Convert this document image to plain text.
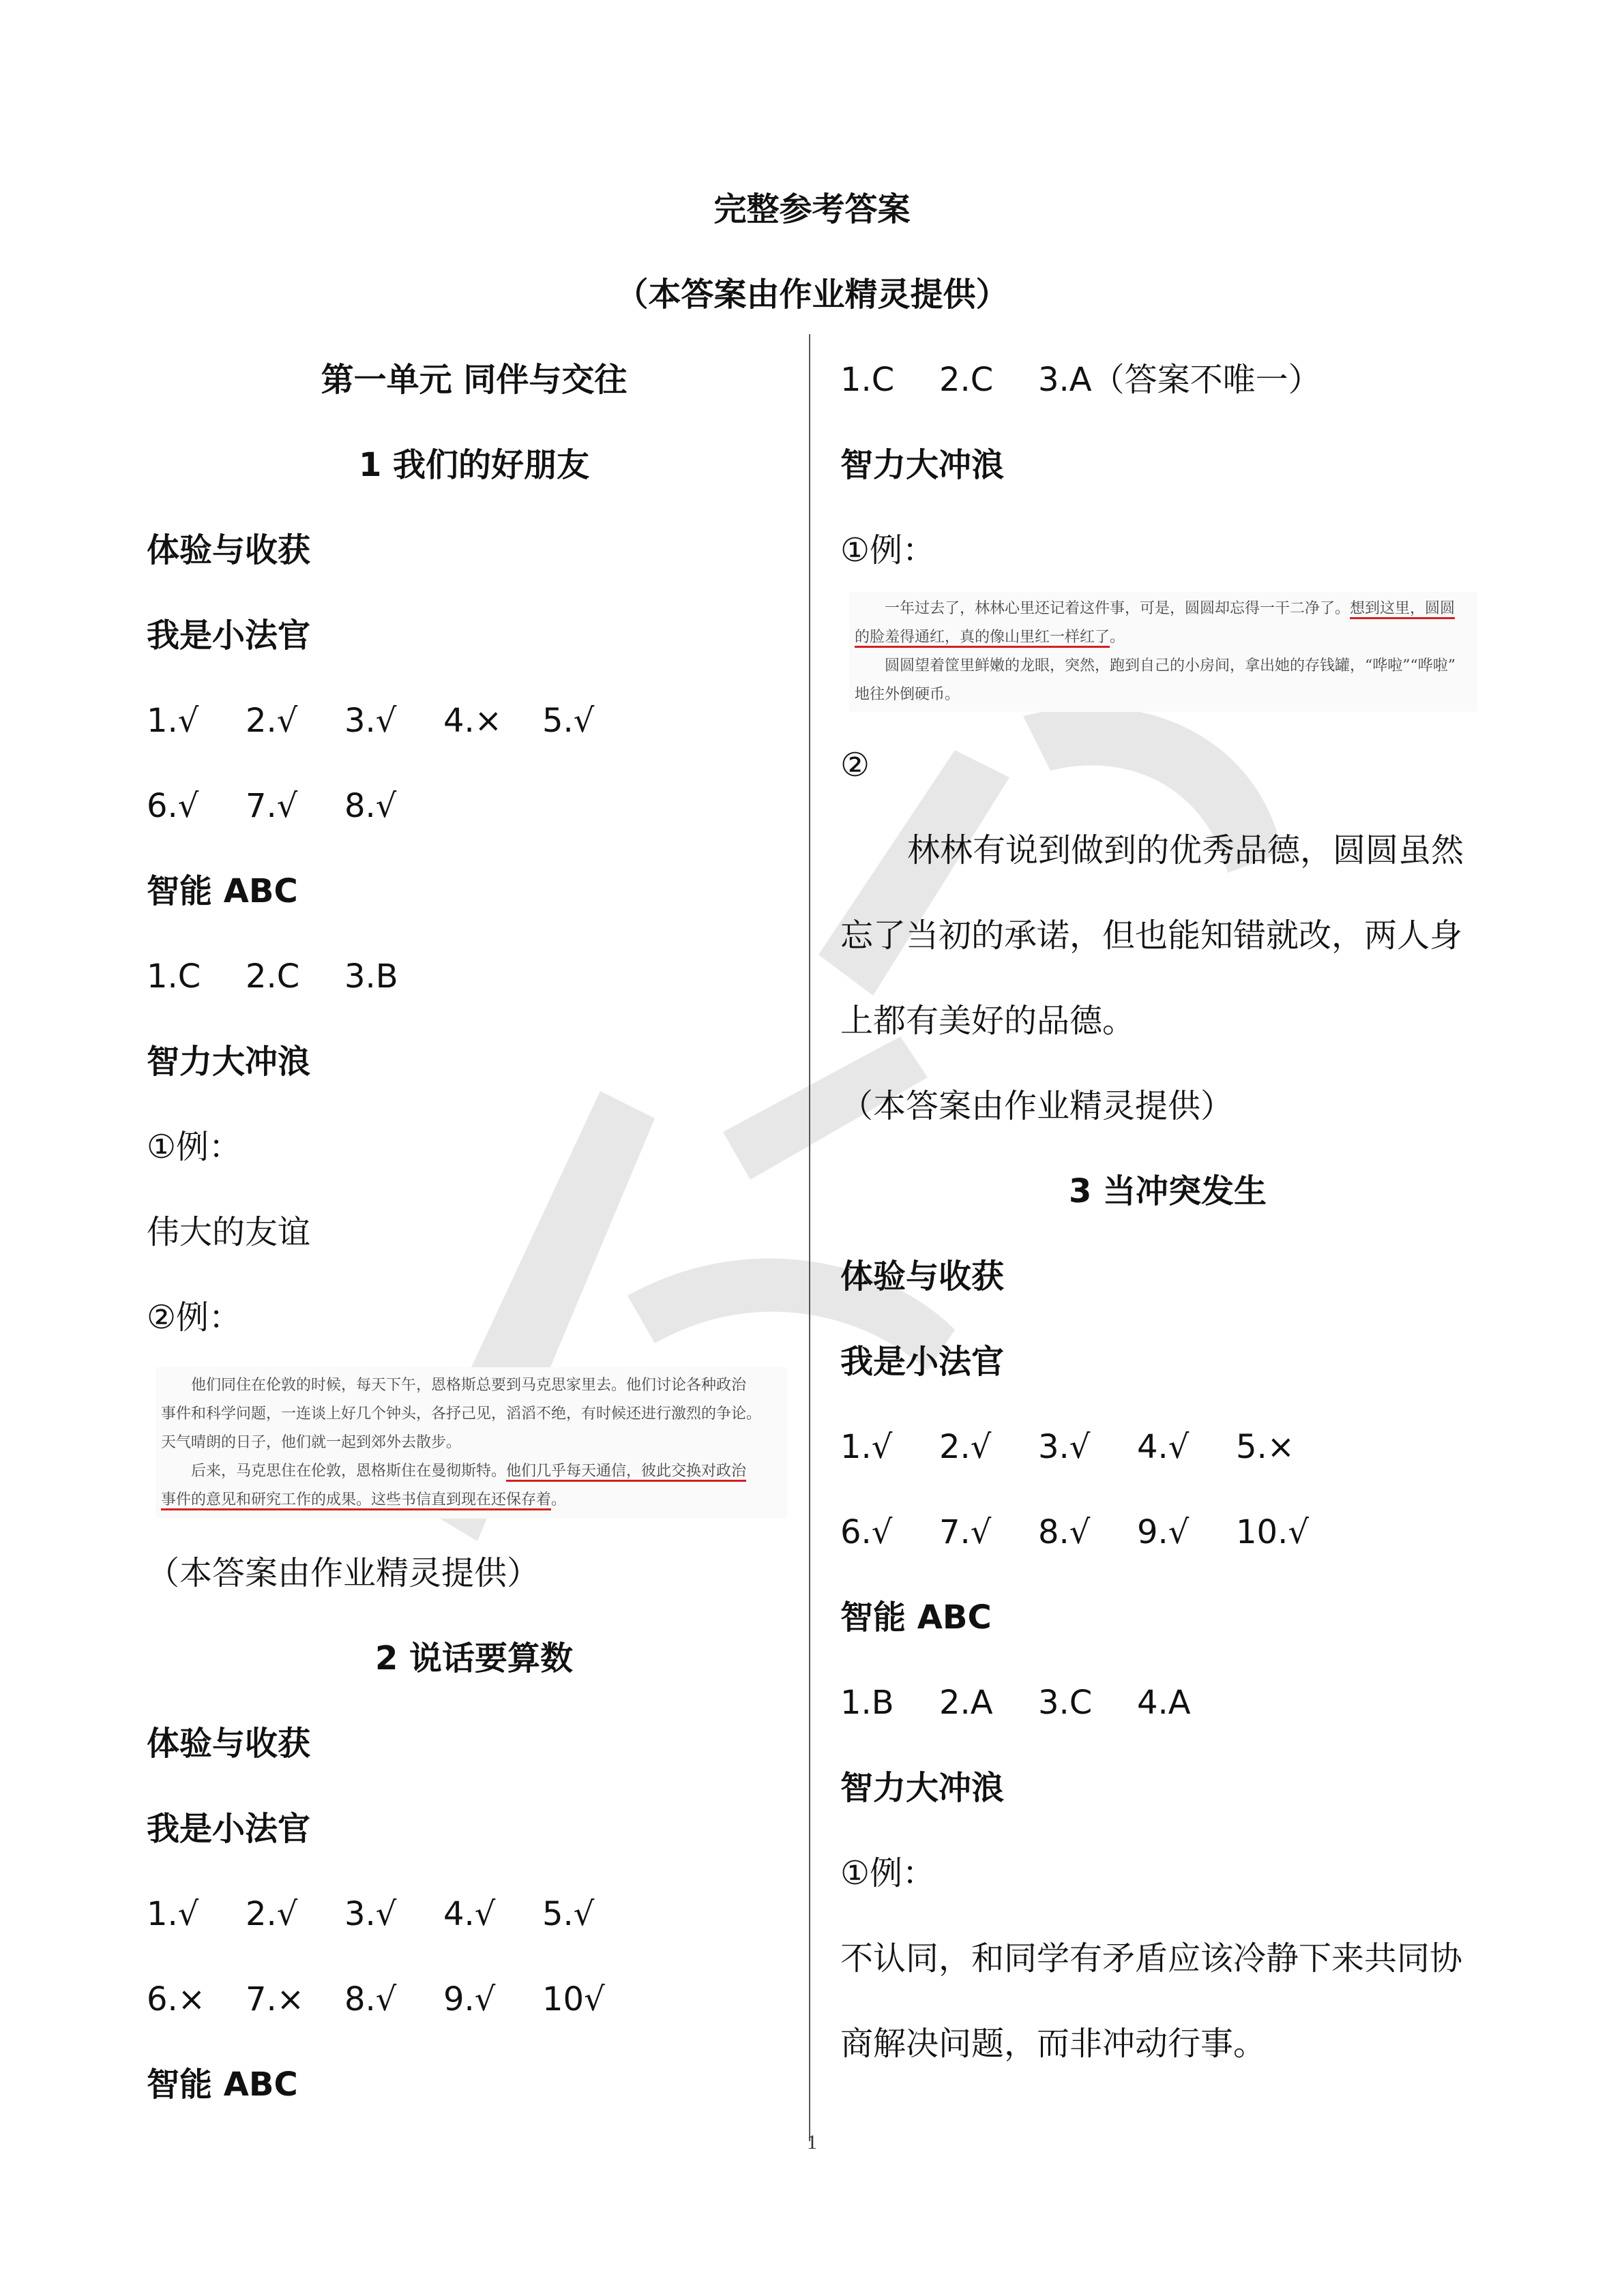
完整参考答案
（本答案由作业精灵提供）
第一单元 同伴与交往
1 我们的好朋友
体验与收获
我是小法官
1.√ 2.√ 3.√ 4.× 5.√
6.√ 7.√ 8.√
智能 ABC
1.C 2.C 3.B
智力大冲浪
①例：
伟大的友谊
②例：
他们同住在伦敦的时候，每天下午，恩格斯总要到马克思家里去。他们讨论各种政治
事件和科学问题，一连谈上好几个钟头，各抒己见，滔滔不绝，有时候还进行激烈的争论。
天气晴朗的日子，他们就一起到郊外去散步。
后来，马克思住在伦敦，恩格斯住在曼彻斯特。他们几乎每天通信，彼此交换对政治
事件的意见和研究工作的成果。这些书信直到现在还保存着。
（本答案由作业精灵提供）
2 说话要算数
体验与收获
我是小法官
1.√ 2.√ 3.√ 4.√ 5.√
6.× 7.× 8.√ 9.√ 10√
智能 ABC
1.C 2.C 3.A（答案不唯一）
智力大冲浪
①例：
一年过去了，林林心里还记着这件事，可是，圆圆却忘得一干二净了。想到这里，圆圆
的脸羞得通红，真的像山里红一样红了。
圆圆望着筐里鲜嫩的龙眼，突然，跑到自己的小房间，拿出她的存钱罐，“哗啦”“哗啦”
地往外倒硬币。
②
林林有说到做到的优秀品德，圆圆虽然
忘了当初的承诺，但也能知错就改，两人身
上都有美好的品德。
（本答案由作业精灵提供）
3 当冲突发生
体验与收获
我是小法官
1.√ 2.√ 3.√ 4.√ 5.×
6.√ 7.√ 8.√ 9.√ 10.√
智能 ABC
1.B 2.A 3.C 4.A
智力大冲浪
①例：
不认同，和同学有矛盾应该冷静下来共同协
商解决问题，而非冲动行事。
1
